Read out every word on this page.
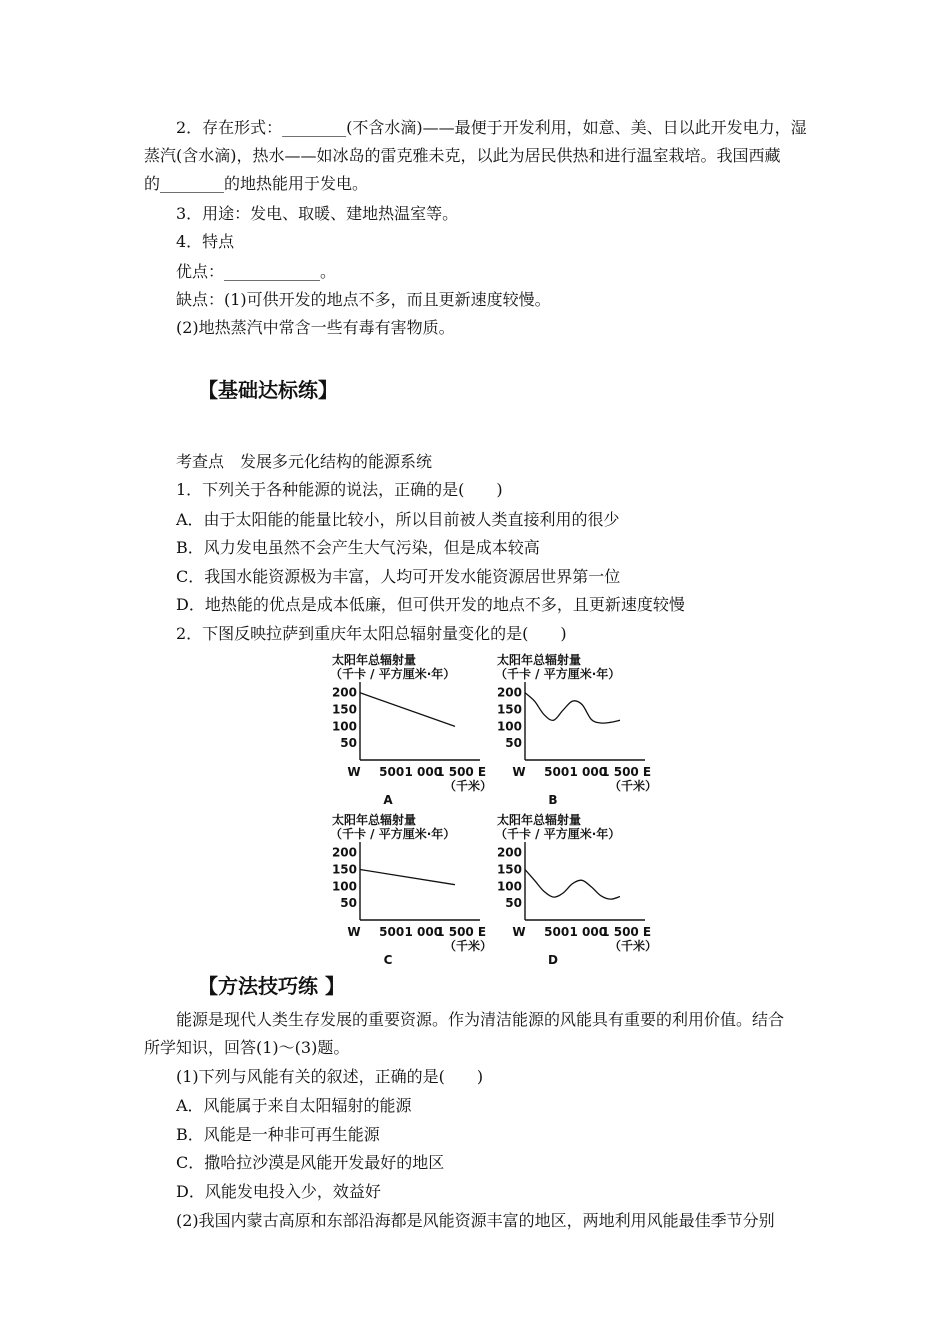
2．存在形式：________(不含水滴)——最便于开发利用，如意、美、日以此开发电力，湿
蒸汽(含水滴)，热水——如冰岛的雷克雅未克，以此为居民供热和进行温室栽培。我国西藏
的________的地热能用于发电。
3．用途：发电、取暖、建地热温室等。
4．特点
优点：____________。
缺点：(1)可供开发的地点不多，而且更新速度较慢。
(2)地热蒸汽中常含一些有毒有害物质。
【基础达标练】
考查点　发展多元化结构的能源系统
1．下列关于各种能源的说法，正确的是(　　)
A．由于太阳能的能量比较小，所以目前被人类直接利用的很少
B．风力发电虽然不会产生大气污染，但是成本较高
C．我国水能资源极为丰富，人均可开发水能资源居世界第一位
D．地热能的优点是成本低廉，但可供开发的地点不多，且更新速度较慢
2．下图反映拉萨到重庆年太阳总辐射量变化的是(　　)
太阳年总辐射量
（千卡 / 平方厘米·年）
200
150
100
50
W 500 1 000
1 500 E
（千米）
A
太阳年总辐射量
（千卡 / 平方厘米·年）
200
150
100
50
W 500 1 000
1 500 E
（千米）
B
太阳年总辐射量
（千卡 / 平方厘米·年）
200
150
100
50
W 500 1 000
1 500 E
（千米）
C
太阳年总辐射量
（千卡 / 平方厘米·年）
200
150
100
50
W 500 1 000
1 500 E
（千米）
D
【方法技巧练 】
能源是现代人类生存发展的重要资源。作为清洁能源的风能具有重要的利用价值。结合
所学知识，回答(1)～(3)题。
(1)下列与风能有关的叙述，正确的是(　　)
A．风能属于来自太阳辐射的能源
B．风能是一种非可再生能源
C．撒哈拉沙漠是风能开发最好的地区
D．风能发电投入少，效益好
(2)我国内蒙古高原和东部沿海都是风能资源丰富的地区，两地利用风能最佳季节分别
